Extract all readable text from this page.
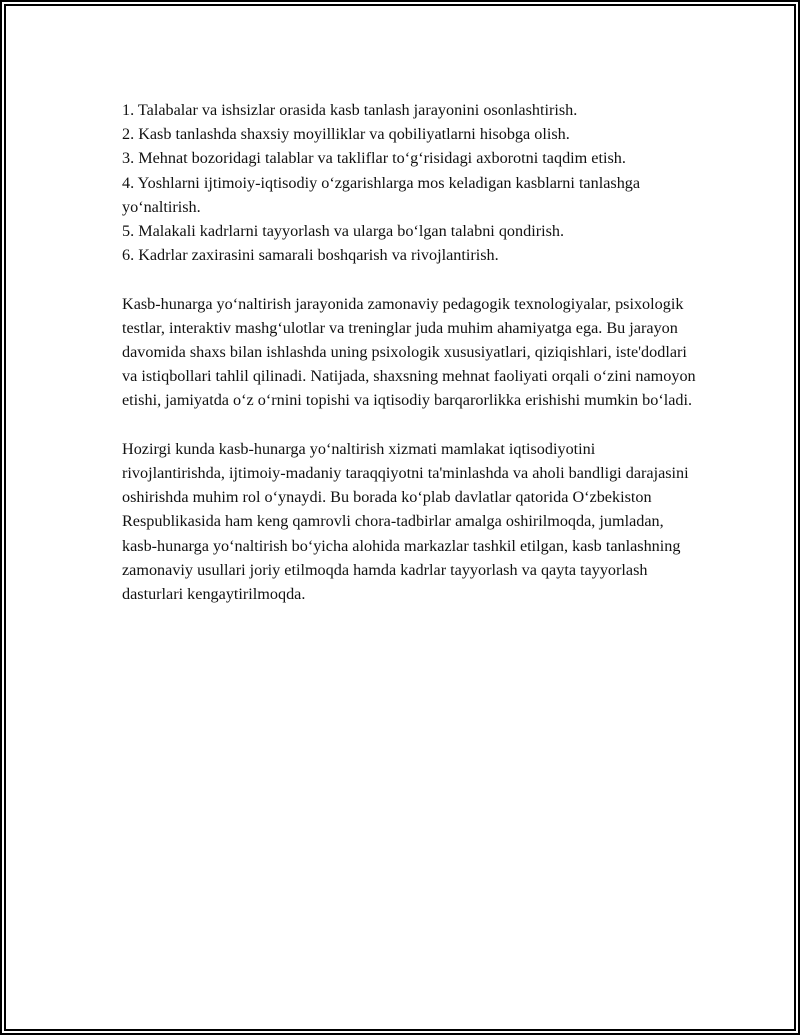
1. Talabalar va ishsizlar orasida kasb tanlash jarayonini osonlashtirish.
2. Kasb tanlashda shaxsiy moyilliklar va qobiliyatlarni hisobga olish.
3. Mehnat bozoridagi talablar va takliflar to‘g‘risidagi axborotni taqdim etish.
4. Yoshlarni ijtimoiy-iqtisodiy o‘zgarishlarga mos keladigan kasblarni tanlashga yo‘naltirish.
5. Malakali kadrlarni tayyorlash va ularga bo‘lgan talabni qondirish.
6. Kadrlar zaxirasini samarali boshqarish va rivojlantirish.

Kasb-hunarga yo‘naltirish jarayonida zamonaviy pedagogik texnologiyalar, psixologik testlar, interaktiv mashg‘ulotlar va treninglar juda muhim ahamiyatga ega. Bu jarayon davomida shaxs bilan ishlashda uning psixologik xususiyatlari, qiziqishlari, iste'dodlari va istiqbollari tahlil qilinadi. Natijada, shaxsning mehnat faoliyati orqali o‘zini namoyon etishi, jamiyatda o‘z o‘rnini topishi va iqtisodiy barqarorlikka erishishi mumkin bo‘ladi.

Hozirgi kunda kasb-hunarga yo‘naltirish xizmati mamlakat iqtisodiyotini rivojlantirishda, ijtimoiy-madaniy taraqqiyotni ta'minlashda va aholi bandligi darajasini oshirishda muhim rol o‘ynaydi. Bu borada ko‘plab davlatlar qatorida O‘zbekiston Respublikasida ham keng qamrovli chora-tadbirlar amalga oshirilmoqda, jumladan, kasb-hunarga yo‘naltirish bo‘yicha alohida markazlar tashkil etilgan, kasb tanlashning zamonaviy usullari joriy etilmoqda hamda kadrlar tayyorlash va qayta tayyorlash dasturlari kengaytirilmoqda.
